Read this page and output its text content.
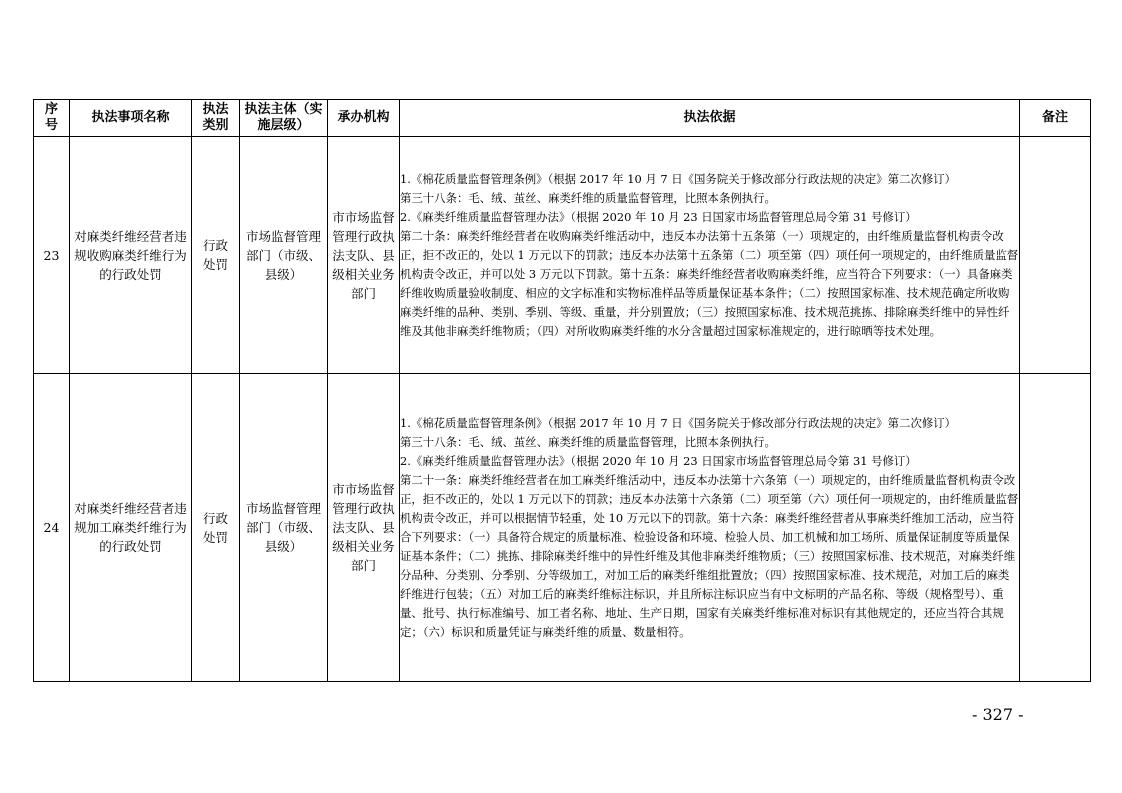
序号	执法事项名称	执法类别	执法主体（实施层级）	承办机构	执法依据	备注
23	对麻类纤维经营者违规收购麻类纤维行为的行政处罚	行政处罚	市场监督管理部门（市级、县级）	市市场监督管理行政执法支队、县级相关业务部门	1.《棉花质量监督管理条例》（根据 2017 年 10 月 7 日《国务院关于修改部分行政法规的决定》第二次修订）

第三十八条：毛、绒、茧丝、麻类纤维的质量监督管理，比照本条例执行。

2.《麻类纤维质量监督管理办法》（根据 2020 年 10 月 23 日国家市场监督管理总局令第 31 号修订）

第二十条：麻类纤维经营者在收购麻类纤维活动中，违反本办法第十五条第（一）项规定的，由纤维质量监督机构责令改正，拒不改正的，处以 1 万元以下的罚款；违反本办法第十五条第（二）项至第（四）项任何一项规定的，由纤维质量监督机构责令改正，并可以处 3 万元以下罚款。第十五条：麻类纤维经营者收购麻类纤维，应当符合下列要求：（一）具备麻类纤维收购质量验收制度、相应的文字标准和实物标准样品等质量保证基本条件；（二）按照国家标准、技术规范确定所收购麻类纤维的品种、类别、季别、等级、重量，并分别置放；（三）按照国家标准、技术规范挑拣、排除麻类纤维中的异性纤维及其他非麻类纤维物质；（四）对所收购麻类纤维的水分含量超过国家标准规定的，进行晾晒等技术处理。	

24	对麻类纤维经营者违规加工麻类纤维行为的行政处罚	行政处罚	市场监督管理部门（市级、县级）	市市场监督管理行政执法支队、县级相关业务部门	1.《棉花质量监督管理条例》（根据 2017 年 10 月 7 日《国务院关于修改部分行政法规的决定》第二次修订）

第三十八条：毛、绒、茧丝、麻类纤维的质量监督管理，比照本条例执行。

2.《麻类纤维质量监督管理办法》（根据 2020 年 10 月 23 日国家市场监督管理总局令第 31 号修订）

第二十一条：麻类纤维经营者在加工麻类纤维活动中，违反本办法第十六条第（一）项规定的，由纤维质量监督机构责令改正，拒不改正的，处以 1 万元以下的罚款；违反本办法第十六条第（二）项至第（六）项任何一项规定的，由纤维质量监督机构责令改正，并可以根据情节轻重，处 10 万元以下的罚款。第十六条：麻类纤维经营者从事麻类纤维加工活动，应当符合下列要求：（一）具备符合规定的质量标准、检验设备和环境、检验人员、加工机械和加工场所、质量保证制度等质量保证基本条件；（二）挑拣、排除麻类纤维中的异性纤维及其他非麻类纤维物质；（三）按照国家标准、技术规范，对麻类纤维分品种、分类别、分季别、分等级加工，对加工后的麻类纤维组批置放；（四）按照国家标准、技术规范，对加工后的麻类纤维进行包装；（五）对加工后的麻类纤维标注标识，并且所标注标识应当有中文标明的产品名称、等级（规格型号）、重量、批号、执行标准编号、加工者名称、地址、生产日期，国家有关麻类纤维标准对标识有其他规定的，还应当符合其规定；（六）标识和质量凭证与麻类纤维的质量、数量相符。	

- 327 -
